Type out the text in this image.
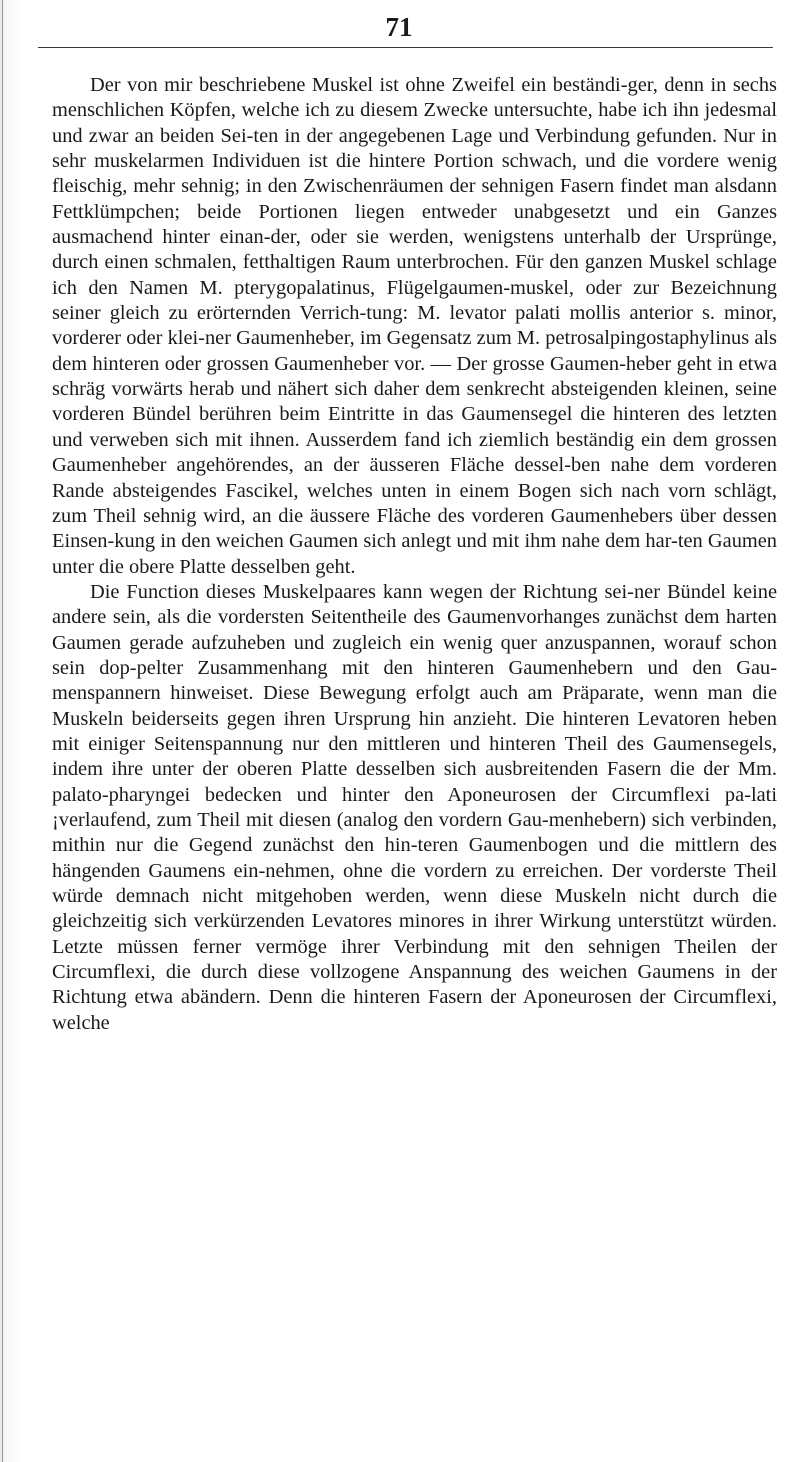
71

Der von mir beschriebene Muskel ist ohne Zweifel ein beständi-ger, denn in sechs menschlichen Köpfen, welche ich zu diesem Zwecke untersuchte, habe ich ihn jedesmal und zwar an beiden Sei-ten in der angegebenen Lage und Verbindung gefunden. Nur in sehr muskelarmen Individuen ist die hintere Portion schwach, und die vordere wenig fleischig, mehr sehnig; in den Zwischenräumen der sehnigen Fasern findet man alsdann Fettklümpchen; beide Portionen liegen entweder unabgesetzt und ein Ganzes ausmachend hinter einan-der, oder sie werden, wenigstens unterhalb der Ursprünge, durch einen schmalen, fetthaltigen Raum unterbrochen. Für den ganzen Muskel schlage ich den Namen M. pterygopalatinus, Flügelgaumen-muskel, oder zur Bezeichnung seiner gleich zu erörternden Verrich-tung: M. levator palati mollis anterior s. minor, vorderer oder klei-ner Gaumenheber, im Gegensatz zum M. petrosalpingostaphylinus als dem hinteren oder grossen Gaumenheber vor. — Der grosse Gaumen-heber geht in etwa schräg vorwärts herab und nähert sich daher dem senkrecht absteigenden kleinen, seine vorderen Bündel berühren beim Eintritte in das Gaumensegel die hinteren des letzten und verweben sich mit ihnen. Ausserdem fand ich ziemlich beständig ein dem grossen Gaumenheber angehörendes, an der äusseren Fläche dessel-ben nahe dem vorderen Rande absteigendes Fascikel, welches unten in einem Bogen sich nach vorn schlägt, zum Theil sehnig wird, an die äussere Fläche des vorderen Gaumenhebers über dessen Einsen-kung in den weichen Gaumen sich anlegt und mit ihm nahe dem har-ten Gaumen unter die obere Platte desselben geht.

Die Function dieses Muskelpaares kann wegen der Richtung sei-ner Bündel keine andere sein, als die vordersten Seitentheile des Gaumenvorhanges zunächst dem harten Gaumen gerade aufzuheben und zugleich ein wenig quer anzuspannen, worauf schon sein dop-pelter Zusammenhang mit den hinteren Gaumenhebern und den Gau-menspannern hinweiset. Diese Bewegung erfolgt auch am Präparate, wenn man die Muskeln beiderseits gegen ihren Ursprung hin anzieht. Die hinteren Levatoren heben mit einiger Seitenspannung nur den mittleren und hinteren Theil des Gaumensegels, indem ihre unter der oberen Platte desselben sich ausbreitenden Fasern die der Mm. palato-pharyngei bedecken und hinter den Aponeurosen der Circumflexi pa-lati ¡verlaufend, zum Theil mit diesen (analog den vordern Gau-menhebern) sich verbinden, mithin nur die Gegend zunächst den hin-teren Gaumenbogen und die mittlern des hängenden Gaumens ein-nehmen, ohne die vordern zu erreichen. Der vorderste Theil würde demnach nicht mitgehoben werden, wenn diese Muskeln nicht durch die gleichzeitig sich verkürzenden Levatores minores in ihrer Wirkung unterstützt würden. Letzte müssen ferner vermöge ihrer Verbindung mit den sehnigen Theilen der Circumflexi, die durch diese vollzogene Anspannung des weichen Gaumens in der Richtung etwa abändern. Denn die hinteren Fasern der Aponeurosen der Circumflexi, welche
